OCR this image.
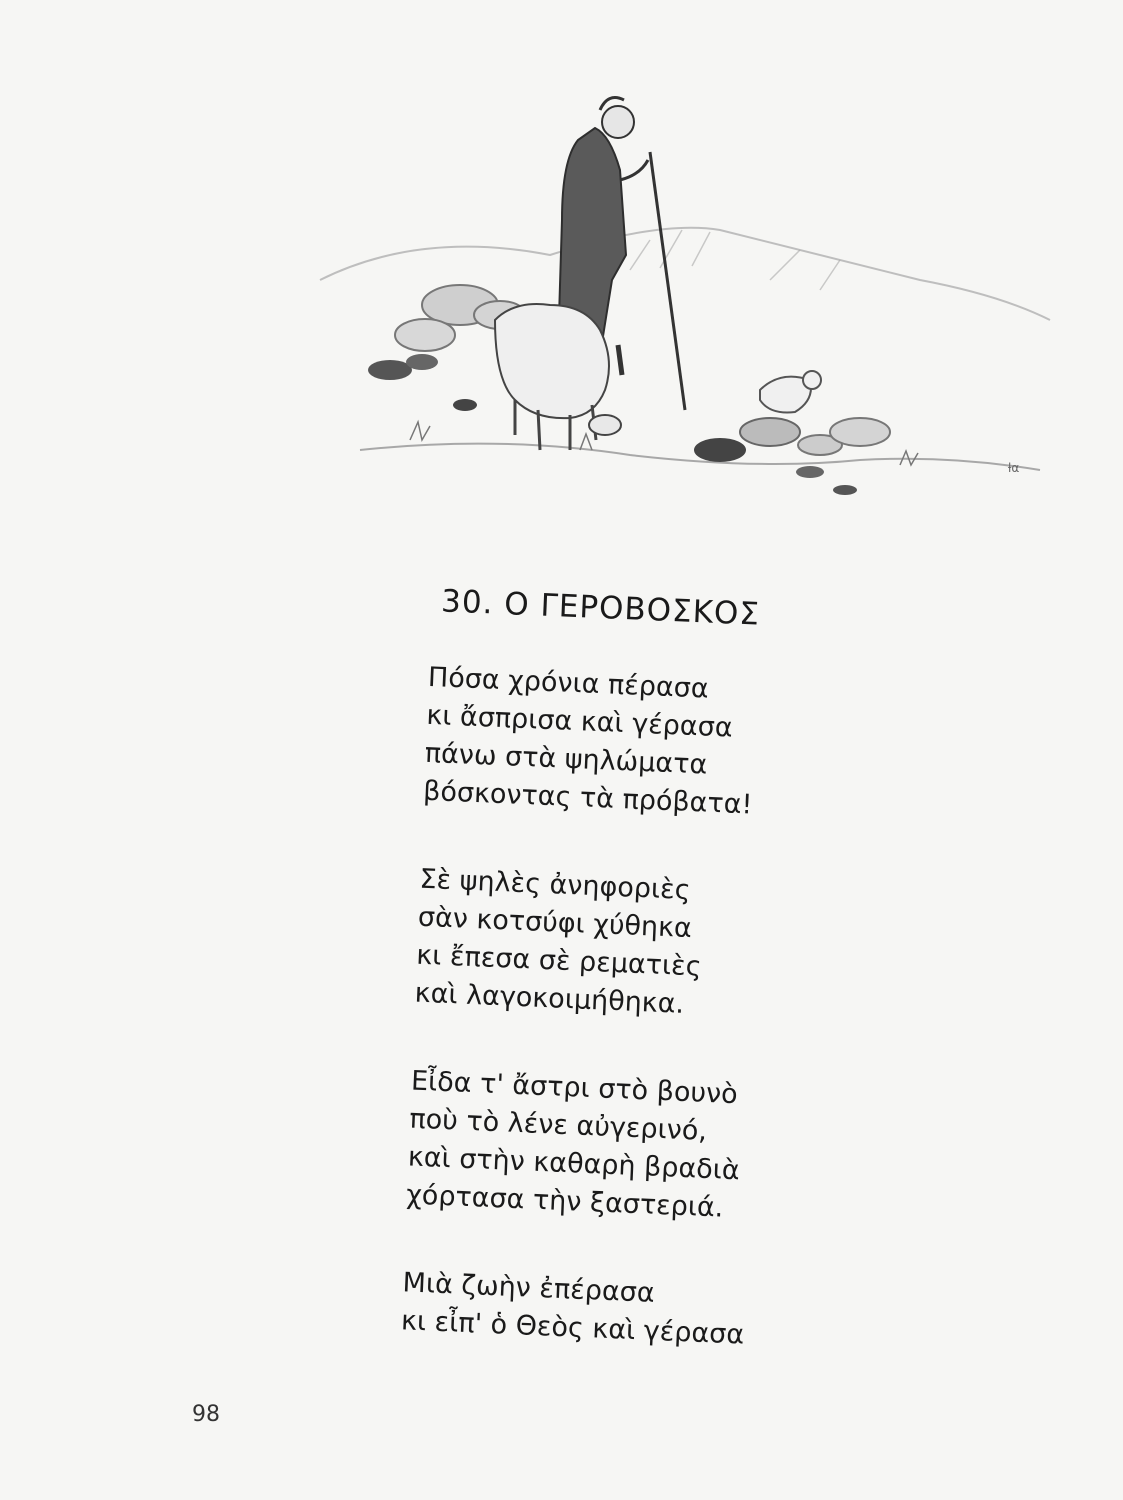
ƚα
30. Ο ΓΕΡΟΒΟΣΚΟΣ
Πόσα χρόνια πέρασα
κι ἄσπρισα καὶ γέρασα
πάνω στὰ ψηλώματα
βόσκοντας τὰ πρόβατα!
Σὲ ψηλὲς ἀνηφοριὲς
σὰν κοτσύφι χύθηκα
κι ἔπεσα σὲ ρεματιὲς
καὶ λαγοκοιμήθηκα.
Εἶδα τ' ἄστρι στὸ βουνὸ
ποὺ τὸ λένε αὐγερινό,
καὶ στὴν καθαρὴ βραδιὰ
χόρτασα τὴν ξαστεριά.
Μιὰ ζωὴν ἐπέρασα
κι εἶπ' ὁ Θεὸς καὶ γέρασα
98
